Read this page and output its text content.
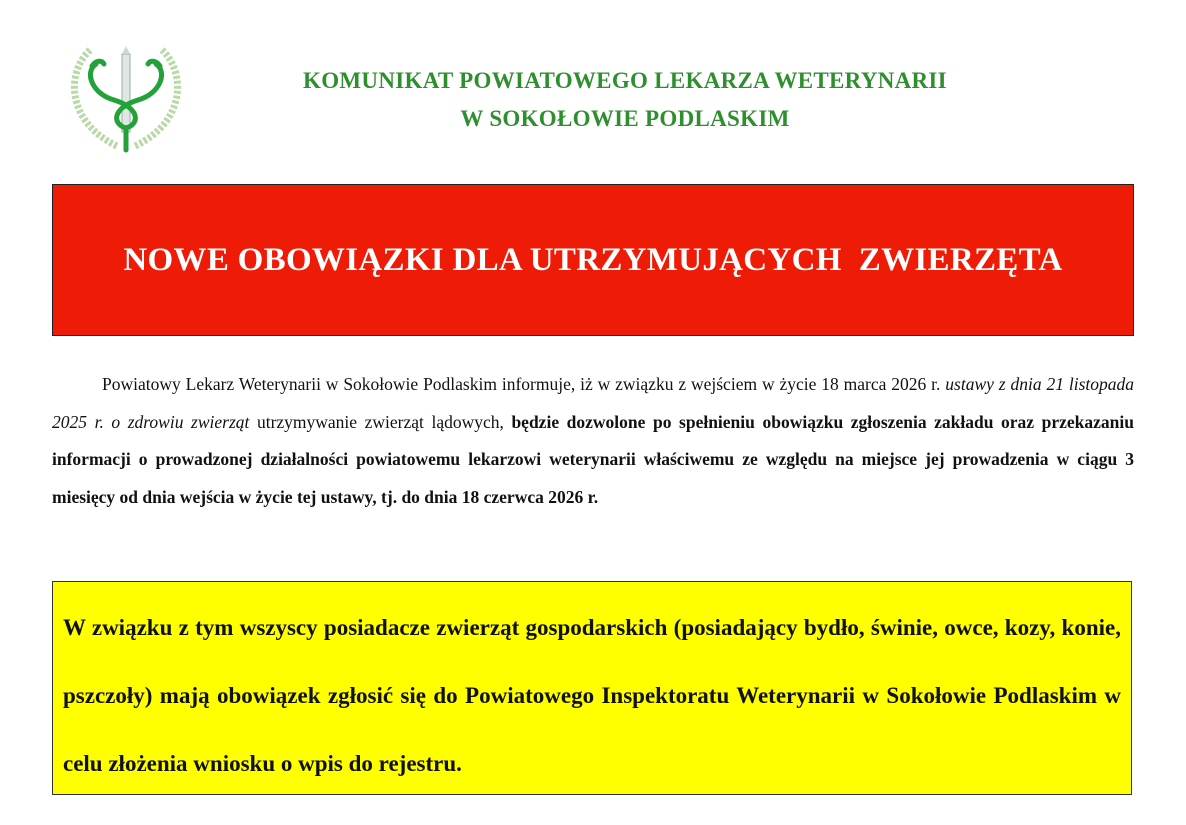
KOMUNIKAT POWIATOWEGO LEKARZA WETERYNARII
W SOKOŁOWIE PODLASKIM
NOWE OBOWIĄZKI DLA UTRZYMUJĄCYCH  ZWIERZĘTA
Powiatowy Lekarz Weterynarii w Sokołowie Podlaskim informuje, iż w związku z wejściem w życie 18 marca 2026 r. ustawy z dnia 21 listopada 2025 r. o zdrowiu zwierząt utrzymywanie zwierząt lądowych, będzie dozwolone po spełnieniu obowiązku zgłoszenia zakładu oraz przekazaniu informacji o prowadzonej działalności powiatowemu lekarzowi weterynarii właściwemu ze względu na miejsce jej prowadzenia w ciągu 3 miesięcy od dnia wejścia w życie tej ustawy, tj. do dnia 18 czerwca 2026 r.
W związku z tym wszyscy posiadacze zwierząt gospodarskich (posiadający bydło, świnie, owce, kozy, konie, pszczoły) mają obowiązek zgłosić się do Powiatowego Inspektoratu Weterynarii w Sokołowie Podlaskim w celu złożenia wniosku o wpis do rejestru.
